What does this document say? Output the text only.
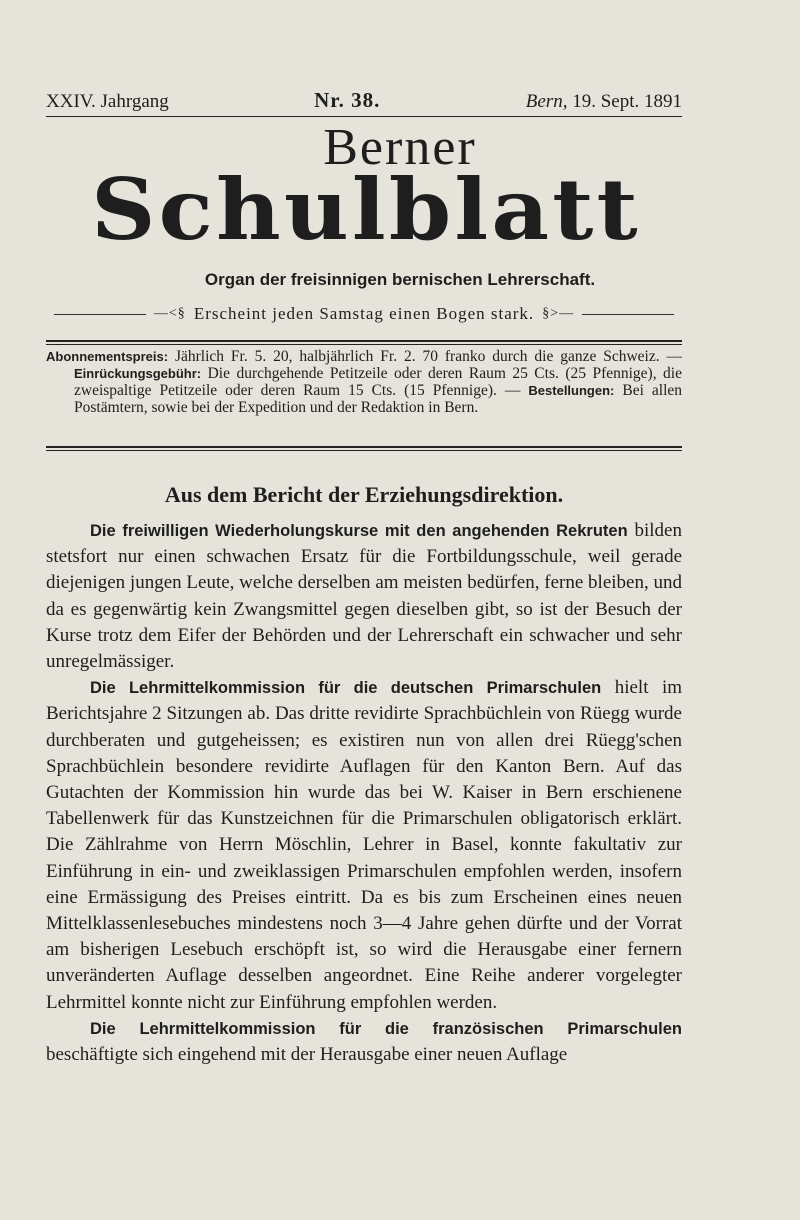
XXIV. Jahrgang	Nr. 38.	Bern, 19. Sept. 1891
Berner
Schulblatt
Organ der freisinnigen bernischen Lehrerschaft.
—<§ Erscheint jeden Samstag einen Bogen stark. §>—

Abonnementspreis: Jährlich Fr. 5. 20, halbjährlich Fr. 2. 70 franko durch die ganze Schweiz. — Einrückungsgebühr: Die durchgehende Petitzeile oder deren Raum 25 Cts. (25 Pfennige), die zweispaltige Petitzeile oder deren Raum 15 Cts. (15 Pfennige). — Bestellungen: Bei allen Postämtern, sowie bei der Expedition und der Redaktion in Bern.

Aus dem Bericht der Erziehungsdirektion.

Die freiwilligen Wiederholungskurse mit den angehenden Rekruten bilden stetsfort nur einen schwachen Ersatz für die Fortbildungsschule, weil gerade diejenigen jungen Leute, welche derselben am meisten bedürfen, ferne bleiben, und da es gegenwärtig kein Zwangsmittel gegen dieselben gibt, so ist der Besuch der Kurse trotz dem Eifer der Behörden und der Lehrerschaft ein schwacher und sehr unregelmässiger.

Die Lehrmittelkommission für die deutschen Primarschulen hielt im Berichtsjahre 2 Sitzungen ab. Das dritte revidirte Sprachbüchlein von Rüegg wurde durchberaten und gutgeheissen; es existiren nun von allen drei Rüegg'schen Sprachbüchlein besondere revidirte Auflagen für den Kanton Bern. Auf das Gutachten der Kommission hin wurde das bei W. Kaiser in Bern erschienene Tabellenwerk für das Kunstzeichnen für die Primarschulen obligatorisch erklärt. Die Zählrahme von Herrn Möschlin, Lehrer in Basel, konnte fakultativ zur Einführung in ein- und zweiklassigen Primarschulen empfohlen werden, insofern eine Ermässigung des Preises eintritt. Da es bis zum Erscheinen eines neuen Mittelklassenlesebuches mindestens noch 3—4 Jahre gehen dürfte und der Vorrat am bisherigen Lesebuch erschöpft ist, so wird die Herausgabe einer fernern unveränderten Auflage desselben angeordnet. Eine Reihe anderer vorgelegter Lehrmittel konnte nicht zur Einführung empfohlen werden.

Die Lehrmittelkommission für die französischen Primarschulen beschäftigte sich eingehend mit der Herausgabe einer neuen Auflage
